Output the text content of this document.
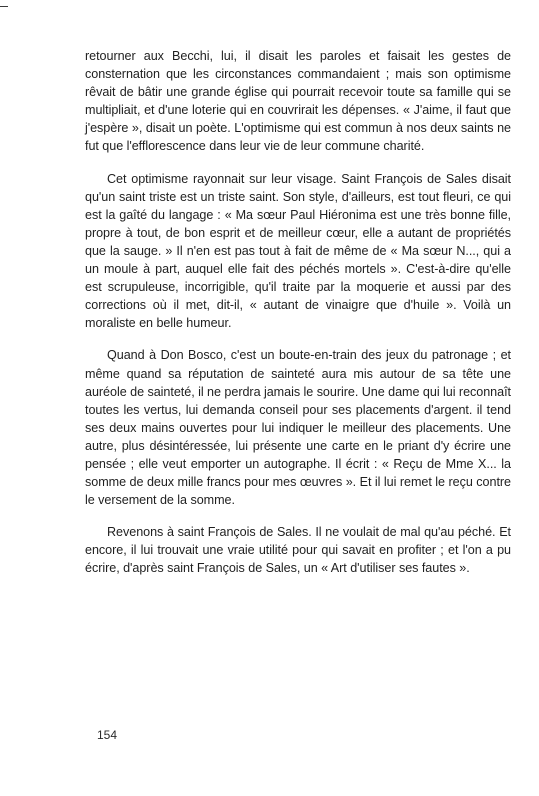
retourner aux Becchi, lui, il disait les paroles et faisait les gestes de consternation que les circonstances commandaient ; mais son optimisme rêvait de bâtir une grande église qui pourrait recevoir toute sa famille qui se multipliait, et d'une loterie qui en couvrirait les dépenses. « J'aime, il faut que j'espère », disait un poète. L'optimisme qui est commun à nos deux saints ne fut que l'efflorescence dans leur vie de leur commune charité.

Cet optimisme rayonnait sur leur visage. Saint François de Sales disait qu'un saint triste est un triste saint. Son style, d'ailleurs, est tout fleuri, ce qui est la gaîté du langage : « Ma sœur Paul Hiéronima est une très bonne fille, propre à tout, de bon esprit et de meilleur cœur, elle a autant de propriétés que la sauge. » Il n'en est pas tout à fait de même de « Ma sœur N..., qui a un moule à part, auquel elle fait des péchés mortels ». C'est-à-dire qu'elle est scrupuleuse, incorrigible, qu'il traite par la moquerie et aussi par des corrections où il met, dit-il, « autant de vinaigre que d'huile ». Voilà un moraliste en belle humeur.

Quand à Don Bosco, c'est un boute-en-train des jeux du patronage ; et même quand sa réputation de sainteté aura mis autour de sa tête une auréole de sainteté, il ne perdra jamais le sourire. Une dame qui lui reconnaît toutes les vertus, lui demanda conseil pour ses placements d'argent. il tend ses deux mains ouvertes pour lui indiquer le meilleur des placements. Une autre, plus désintéressée, lui présente une carte en le priant d'y écrire une pensée ; elle veut emporter un autographe. Il écrit : « Reçu de Mme X... la somme de deux mille francs pour mes œuvres ». Et il lui remet le reçu contre le versement de la somme.

Revenons à saint François de Sales. Il ne voulait de mal qu'au péché. Et encore, il lui trouvait une vraie utilité pour qui savait en profiter ; et l'on a pu écrire, d'après saint François de Sales, un « Art d'utiliser ses fautes ».

154
